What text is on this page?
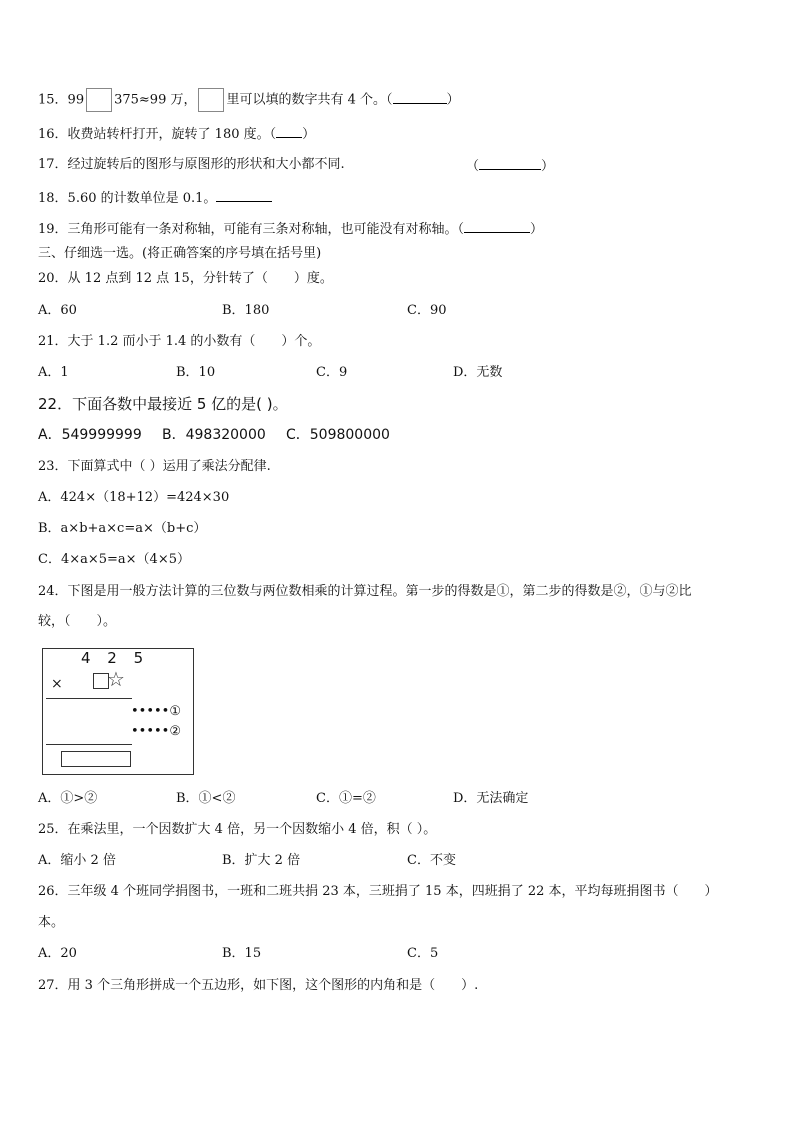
15．99 375≈99 万， 里可以填的数字共有 4 个。（	）
16．收费站转杆打开，旋转了 180 度。（ ）
17．经过旋转后的图形与原图形的形状和大小都不同.	（	）
18．5.60 的计数单位是 0.1。
19．三角形可能有一条对称轴，可能有三条对称轴，也可能没有对称轴。（	）
三、仔细选一选。(将正确答案的序号填在括号里)
20．从 12 点到 12 点 15，分针转了（　　）度。
A．60	B．180	C．90
21．大于 1.2 而小于 1.4 的小数有（　　）个。
A．1	B．10	C．9	D．无数
22．下面各数中最接近 5 亿的是( )。
A．549999999 B．498320000 C．509800000
23．下面算式中（ ）运用了乘法分配律.
A．424×（18+12）=424×30
B．a×b+a×c=a×（b+c）
C．4×a×5=a×（4×5）
24．下图是用一般方法计算的三位数与两位数相乘的计算过程。第一步的得数是①，第二步的得数是②，①与②比
较，（　　）。
4 2 5
× ☆
•••••①
•••••②
A．①>②	B．①<②	C．①=②	D．无法确定
25．在乘法里，一个因数扩大 4 倍，另一个因数缩小 4 倍，积（ ）。
A．缩小 2 倍	B．扩大 2 倍	C．不变
26．三年级 4 个班同学捐图书，一班和二班共捐 23 本，三班捐了 15 本，四班捐了 22 本，平均每班捐图书（　　）
本。
A．20	B．15	C．5
27．用 3 个三角形拼成一个五边形，如下图，这个图形的内角和是（　　）.
